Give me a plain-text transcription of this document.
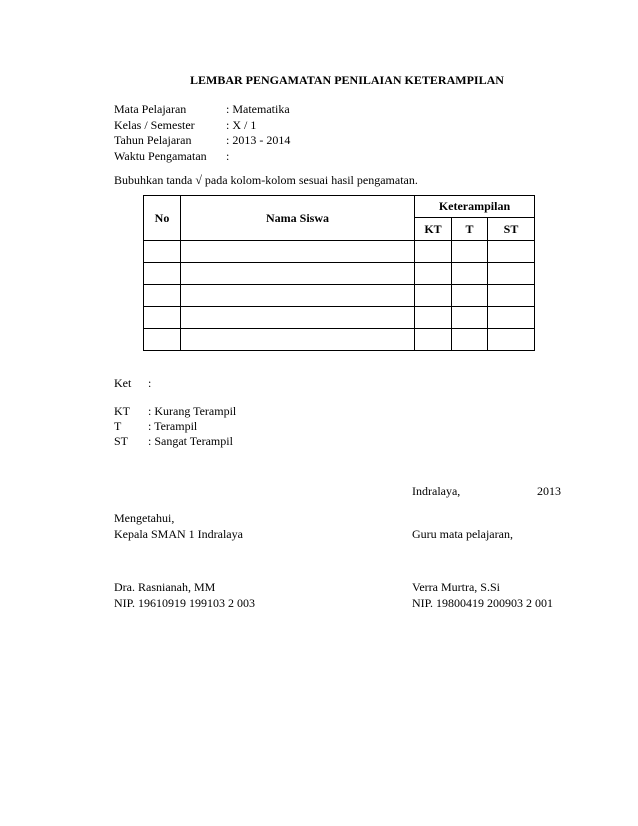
LEMBAR PENGAMATAN PENILAIAN KETERAMPILAN
Mata Pelajaran	: Matematika
Kelas / Semester	: X / 1
Tahun Pelajaran	: 2013 - 2014
Waktu Pengamatan :
Bubuhkan tanda √ pada kolom-kolom sesuai hasil pengamatan.
No	Nama Siswa	Keterampilan		
		KT	T	ST

Ket :
KT : Kurang Terampil
T : Terampil
ST : Sangat Terampil
Indralaya,	2013
Mengetahui,
Kepala SMAN 1 Indralaya	Guru mata pelajaran,
Dra. Rasnianah, MM	Verra Murtra, S.Si
NIP. 19610919 199103 2 003	NIP. 19800419 200903 2 001
